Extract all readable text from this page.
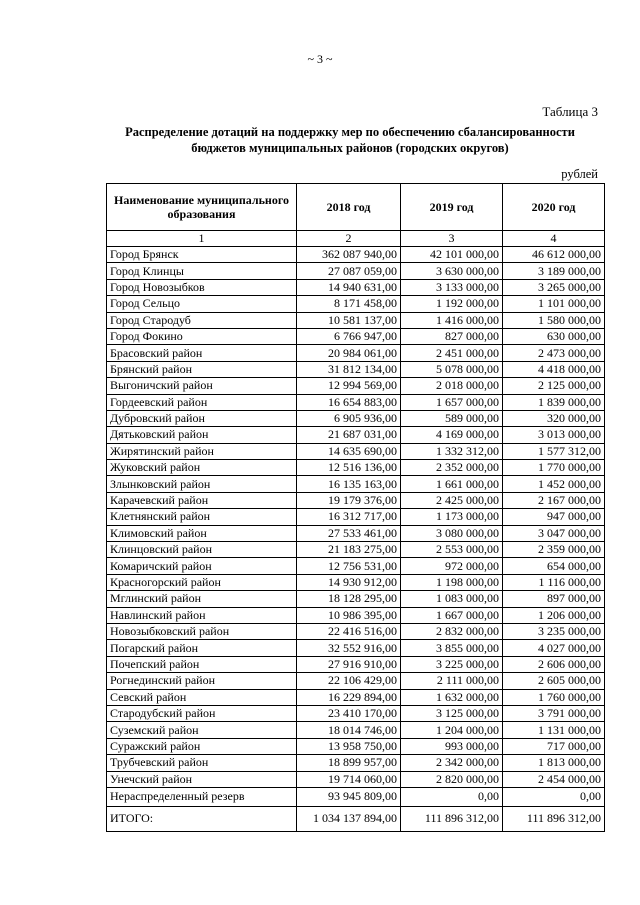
~ 3 ~
Таблица 3
Распределение дотаций на поддержку мер по обеспечению сбалансированности
бюджетов муниципальных районов (городских округов)
рублей
Наименование муниципального образования	2018 год	2019 год	2020 год
1	2	3	4
Город Брянск	362 087 940,00	42 101 000,00	46 612 000,00
Город Клинцы	27 087 059,00	3 630 000,00	3 189 000,00
Город Новозыбков	14 940 631,00	3 133 000,00	3 265 000,00
Город Сельцо	8 171 458,00	1 192 000,00	1 101 000,00
Город Стародуб	10 581 137,00	1 416 000,00	1 580 000,00
Город Фокино	6 766 947,00	827 000,00	630 000,00
Брасовский район	20 984 061,00	2 451 000,00	2 473 000,00
Брянский район	31 812 134,00	5 078 000,00	4 418 000,00
Выгоничский район	12 994 569,00	2 018 000,00	2 125 000,00
Гордеевский район	16 654 883,00	1 657 000,00	1 839 000,00
Дубровский район	6 905 936,00	589 000,00	320 000,00
Дятьковский район	21 687 031,00	4 169 000,00	3 013 000,00
Жирятинский район	14 635 690,00	1 332 312,00	1 577 312,00
Жуковский район	12 516 136,00	2 352 000,00	1 770 000,00
Злынковский район	16 135 163,00	1 661 000,00	1 452 000,00
Карачевский район	19 179 376,00	2 425 000,00	2 167 000,00
Клетнянский район	16 312 717,00	1 173 000,00	947 000,00
Климовский район	27 533 461,00	3 080 000,00	3 047 000,00
Клинцовский район	21 183 275,00	2 553 000,00	2 359 000,00
Комаричский район	12 756 531,00	972 000,00	654 000,00
Красногорский район	14 930 912,00	1 198 000,00	1 116 000,00
Мглинский район	18 128 295,00	1 083 000,00	897 000,00
Навлинский район	10 986 395,00	1 667 000,00	1 206 000,00
Новозыбковский район	22 416 516,00	2 832 000,00	3 235 000,00
Погарский район	32 552 916,00	3 855 000,00	4 027 000,00
Почепский район	27 916 910,00	3 225 000,00	2 606 000,00
Рогнединский район	22 106 429,00	2 111 000,00	2 605 000,00
Севский район	16 229 894,00	1 632 000,00	1 760 000,00
Стародубский район	23 410 170,00	3 125 000,00	3 791 000,00
Суземский район	18 014 746,00	1 204 000,00	1 131 000,00
Суражский район	13 958 750,00	993 000,00	717 000,00
Трубчевский район	18 899 957,00	2 342 000,00	1 813 000,00
Унечский район	19 714 060,00	2 820 000,00	2 454 000,00
Нераспределенный резерв	93 945 809,00	0,00	0,00
ИТОГО:	1 034 137 894,00	111 896 312,00	111 896 312,00
